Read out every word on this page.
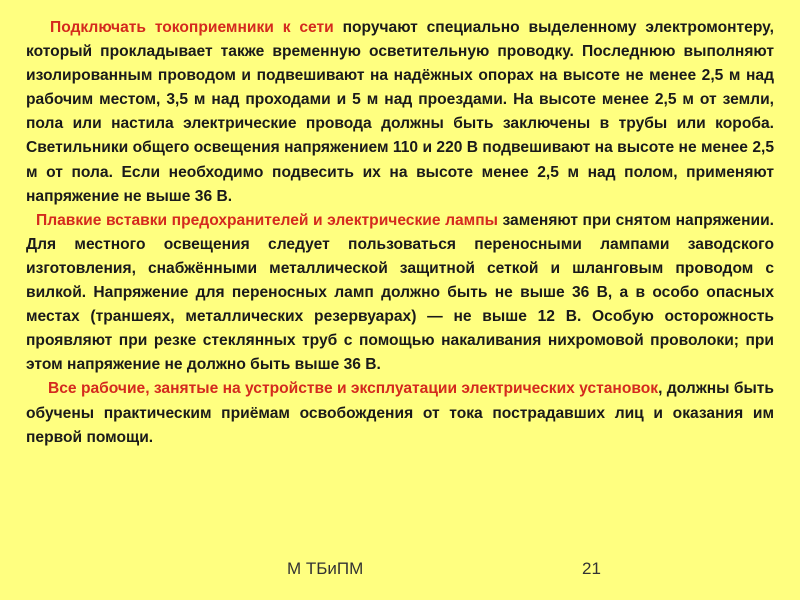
Подключать токоприемники к сети поручают специально выделенному электромонтеру, который прокладывает также временную осветительную проводку. Последнюю выполняют изолированным проводом и подвешивают на надёжных опорах на высоте не менее 2,5 м над рабочим местом, 3,5 м над проходами и 5 м над проездами. На высоте менее 2,5 м от земли, пола или настила электрические провода должны быть заключены в трубы или короба. Светильники общего освещения напряжением 110 и 220 В подвешивают на высоте не менее 2,5 м от пола. Если необходимо подвесить их на высоте менее 2,5 м над полом, применяют напряжение не выше 36 В.

Плавкие вставки предохранителей и электрические лампы заменяют при снятом напряжении. Для местного освещения следует пользоваться переносными лампами заводского изготовления, снабжёнными металлической защитной сеткой и шланговым проводом с вилкой. Напряжение для переносных ламп должно быть не выше 36 В, а в особо опасных местах (траншеях, металлических резервуарах) — не выше 12 В. Особую осторожность проявляют при резке стеклянных труб с помощью накаливания нихромовой проволоки; при этом напряжение не должно быть выше 36 В.

Все рабочие, занятые на устройстве и эксплуатации электрических установок, должны быть обучены практическим приёмам освобождения от тока пострадавших лиц и оказания им первой помощи.

М ТБиПМ	21
